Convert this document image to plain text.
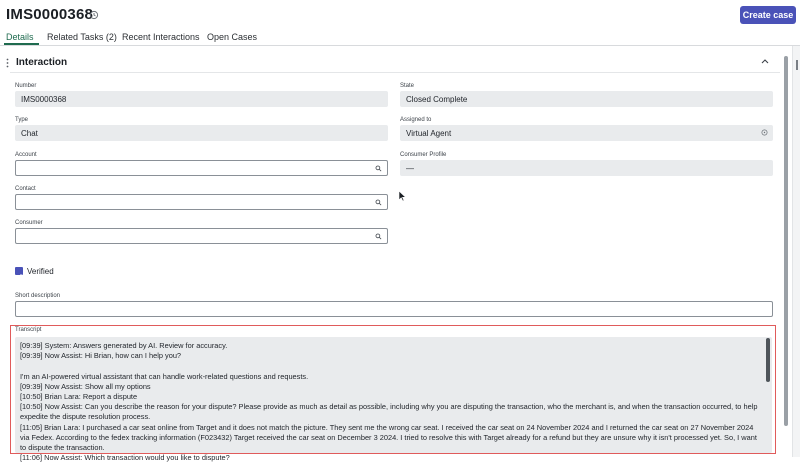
IMS0000368	Create case
Details Related Tasks (2) Recent Interactions Open Cases
Interaction
Number
IMS0000368
State
Closed Complete
Type
Chat
Assigned to
Virtual Agent
Account	Consumer Profile
—
Contact
Consumer
Verified
Short description
Transcript
[09:39] System: Answers generated by AI. Review for accuracy.
[09:39] Now Assist: Hi Brian, how can I help you?

I'm an AI-powered virtual assistant that can handle work-related questions and requests.
[09:39] Now Assist: Show all my options
[10:50] Brian Lara: Report a dispute
[10:50] Now Assist: Can you describe the reason for your dispute? Please provide as much as detail as possible, including why you are disputing the transaction, who the merchant is, and when the transaction occurred, to help expedite the dispute resolution process.
[11:05] Brian Lara: I purchased a car seat online from Target and it does not match the picture. They sent me the wrong car seat. I received the car seat on 24 November 2024 and I returned the car seat on 27 November 2024 via Fedex. According to the fedex tracking information (F023432) Target received the car seat on December 3 2024. I tried to resolve this with Target already for a refund but they are unsure why it isn't processed yet. So, I want to dispute the transaction.
[11:06] Now Assist: Which transaction would you like to dispute?
